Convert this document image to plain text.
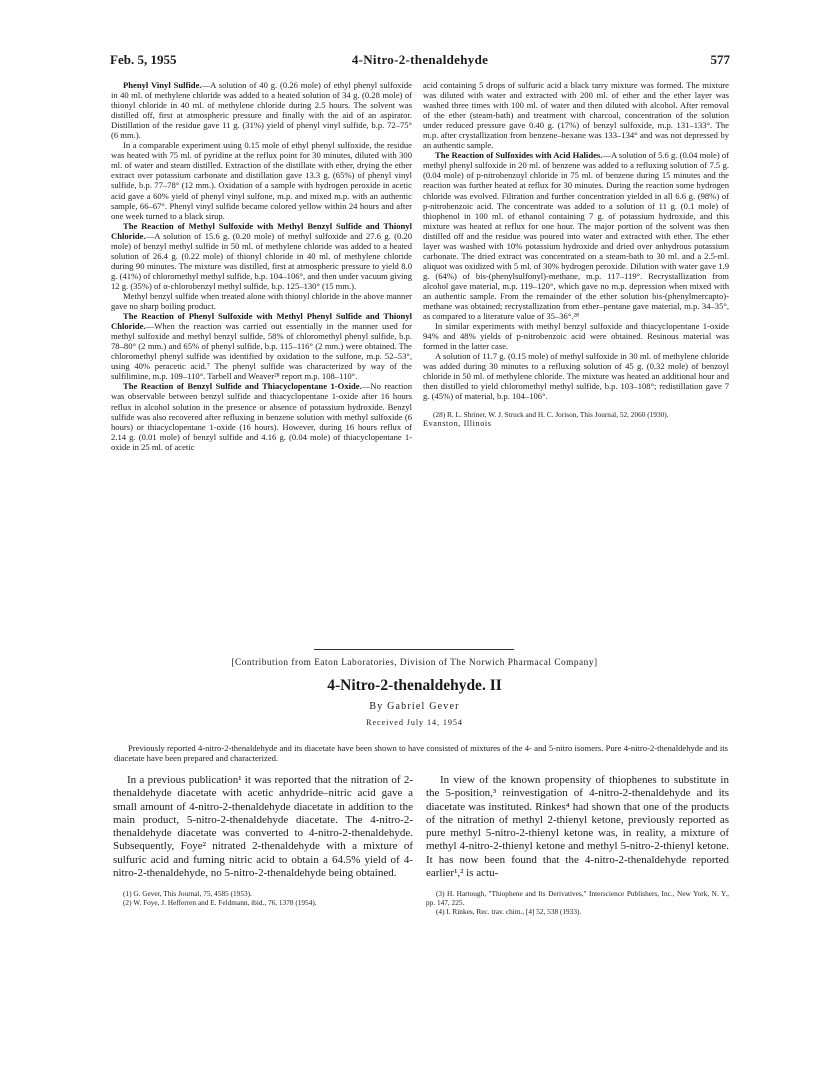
Feb. 5, 1955	4-Nitro-2-thenaldehyde	577

Phenyl Vinyl Sulfide.—A solution of 40 g. (0.26 mole) of ethyl phenyl sulfoxide in 40 ml. of methylene chloride was added to a heated solution of 34 g. (0.28 mole) of thionyl chloride in 40 ml. of methylene chloride during 2.5 hours. The solvent was distilled off, first at atmospheric pressure and finally with the aid of an aspirator. Distillation of the residue gave 11 g. (31%) yield of phenyl vinyl sulfide, b.p. 72–75° (6 mm.).

In a comparable experiment using 0.15 mole of ethyl phenyl sulfoxide, the residue was heated with 75 ml. of pyridine at the reflux point for 30 minutes, diluted with 300 ml. of water and steam distilled. Extraction of the distillate with ether, drying the ether extract over potassium carbonate and distillation gave 13.3 g. (65%) of phenyl vinyl sulfide, b.p. 77–78° (12 mm.). Oxidation of a sample with hydrogen peroxide in acetic acid gave a 60% yield of phenyl vinyl sulfone, m.p. and mixed m.p. with an authentic sample, 66–67°. Phenyl vinyl sulfide became colored yellow within 24 hours and after one week turned to a black sirup.

The Reaction of Methyl Sulfoxide with Methyl Benzyl Sulfide and Thionyl Chloride.—A solution of 15.6 g. (0.20 mole) of methyl sulfoxide and 27.6 g. (0.20 mole) of benzyl methyl sulfide in 50 ml. of methylene chloride was added to a heated solution of 26.4 g. (0.22 mole) of thionyl chloride in 40 ml. of methylene chloride during 90 minutes. The mixture was distilled, first at atmospheric pressure to yield 8.0 g. (41%) of chloromethyl methyl sulfide, b.p. 104–106°, and then under vacuum giving 12 g. (35%) of α-chlorobenzyl methyl sulfide, b.p. 125–130° (15 mm.).

Methyl benzyl sulfide when treated alone with thionyl chloride in the above manner gave no sharp boiling product.

The Reaction of Phenyl Sulfoxide with Methyl Phenyl Sulfide and Thionyl Chloride.—When the reaction was carried out essentially in the manner used for methyl sulfoxide and methyl benzyl sulfide, 58% of chloromethyl phenyl sulfide, b.p. 78–80° (2 mm.) and 65% of phenyl sulfide, b.p. 115–116° (2 mm.) were obtained. The chloromethyl phenyl sulfide was identified by oxidation to the sulfone, m.p. 52–53°, using 40% peracetic acid.⁷ The phenyl sulfide was characterized by way of the sulfilimine, m.p. 109–110°. Tarbell and Weaver²⁸ report m.p. 108–110°.

The Reaction of Benzyl Sulfide and Thiacyclopentane 1-Oxide.—No reaction was observable between benzyl sulfide and thiacyclopentane 1-oxide after 16 hours reflux in alcohol solution in the presence or absence of potassium hydroxide. Benzyl sulfide was also recovered after refluxing in benzene solution with methyl sulfoxide (6 hours) or thiacyclopentane 1-oxide (16 hours). However, during 16 hours reflux of 2.14 g. (0.01 mole) of benzyl sulfide and 4.16 g. (0.04 mole) of thiacyclopentane 1-oxide in 25 ml. of acetic

acid containing 5 drops of sulfuric acid a black tarry mixture was formed. The mixture was diluted with water and extracted with 200 ml. of ether and the ether layer was washed three times with 100 ml. of water and then diluted with alcohol. After removal of the ether (steam-bath) and treatment with charcoal, concentration of the solution under reduced pressure gave 0.40 g. (17%) of benzyl sulfoxide, m.p. 131–133°. The m.p. after crystallization from benzene–hexane was 133–134° and was not depressed by an authentic sample.

The Reaction of Sulfoxides with Acid Halides.—A solution of 5.6 g. (0.04 mole) of methyl phenyl sulfoxide in 20 ml. of benzene was added to a refluxing solution of 7.5 g. (0.04 mole) of p-nitrobenzoyl chloride in 75 ml. of benzene during 15 minutes and the reaction was further heated at reflux for 30 minutes. During the reaction some hydrogen chloride was evolved. Filtration and further concentration yielded in all 6.6 g. (98%) of p-nitrobenzoic acid. The concentrate was added to a solution of 11 g. (0.1 mole) of thiophenol in 100 ml. of ethanol containing 7 g. of potassium hydroxide, and this mixture was heated at reflux for one hour. The major portion of the solvent was then distilled off and the residue was poured into water and extracted with ether. The ether layer was washed with 10% potassium hydroxide and dried over anhydrous potassium carbonate. The dried extract was concentrated on a steam-bath to 30 ml. and a 2.5-ml. aliquot was oxidized with 5 ml. of 30% hydrogen peroxide. Dilution with water gave 1.9 g. (64%) of bis-(phenylsulfonyl)-methane, m.p. 117–119°. Recrystallization from alcohol gave material, m.p. 119–120°, which gave no m.p. depression when mixed with an authentic sample. From the remainder of the ether solution bis-(phenylmercapto)-methane was obtained; recrystallization from ether–pentane gave material, m.p. 34–35°, as compared to a literature value of 35–36°.²⁸

In similar experiments with methyl benzyl sulfoxide and thiacyclopentane 1-oxide 94% and 48% yields of p-nitrobenzoic acid were obtained. Resinous material was formed in the latter case.

A solution of 11.7 g. (0.15 mole) of methyl sulfoxide in 30 ml. of methylene chloride was added during 30 minutes to a refluxing solution of 45 g. (0.32 mole) of benzoyl chloride in 50 ml. of methylene chloride. The mixture was heated an additional hour and then distilled to yield chloromethyl methyl sulfide, b.p. 103–108°; redistillation gave 7 g. (45%) of material, b.p. 104–106°.

(28) R. L. Shriner, W. J. Struck and H. C. Jorison, This Journal, 52, 2060 (1930).

Evanston, Illinois

[Contribution from Eaton Laboratories, Division of The Norwich Pharmacal Company]
4-Nitro-2-thenaldehyde. II
By Gabriel Gever
Received July 14, 1954

Previously reported 4-nitro-2-thenaldehyde and its diacetate have been shown to have consisted of mixtures of the 4- and 5-nitro isomers. Pure 4-nitro-2-thenaldehyde and its diacetate have been prepared and characterized.

In a previous publication¹ it was reported that the nitration of 2-thenaldehyde diacetate with acetic anhydride–nitric acid gave a small amount of 4-nitro-2-thenaldehyde diacetate in addition to the main product, 5-nitro-2-thenaldehyde diacetate. The 4-nitro-2-thenaldehyde diacetate was converted to 4-nitro-2-thenaldehyde. Subsequently, Foye² nitrated 2-thenaldehyde with a mixture of sulfuric acid and fuming nitric acid to obtain a 64.5% yield of 4-nitro-2-thenaldehyde, no 5-nitro-2-thenaldehyde being obtained.

(1) G. Gever, This Journal, 75, 4585 (1953).

(2) W. Foye, J. Hefferren and E. Feldmann, ibid., 76, 1378 (1954).

In view of the known propensity of thiophenes to substitute in the 5-position,³ reinvestigation of 4-nitro-2-thenaldehyde and its diacetate was instituted. Rinkes⁴ had shown that one of the products of the nitration of methyl 2-thienyl ketone, previously reported as pure methyl 5-nitro-2-thienyl ketone was, in reality, a mixture of methyl 4-nitro-2-thienyl ketone and methyl 5-nitro-2-thienyl ketone. It has now been found that the 4-nitro-2-thenaldehyde reported earlier¹,² is actu-

(3) H. Hartough, "Thiophene and Its Derivatives," Interscience Publishers, Inc., New York, N. Y., pp. 147, 225.

(4) I. Rinkes, Rec. trav. chim., [4] 52, 538 (1933).
